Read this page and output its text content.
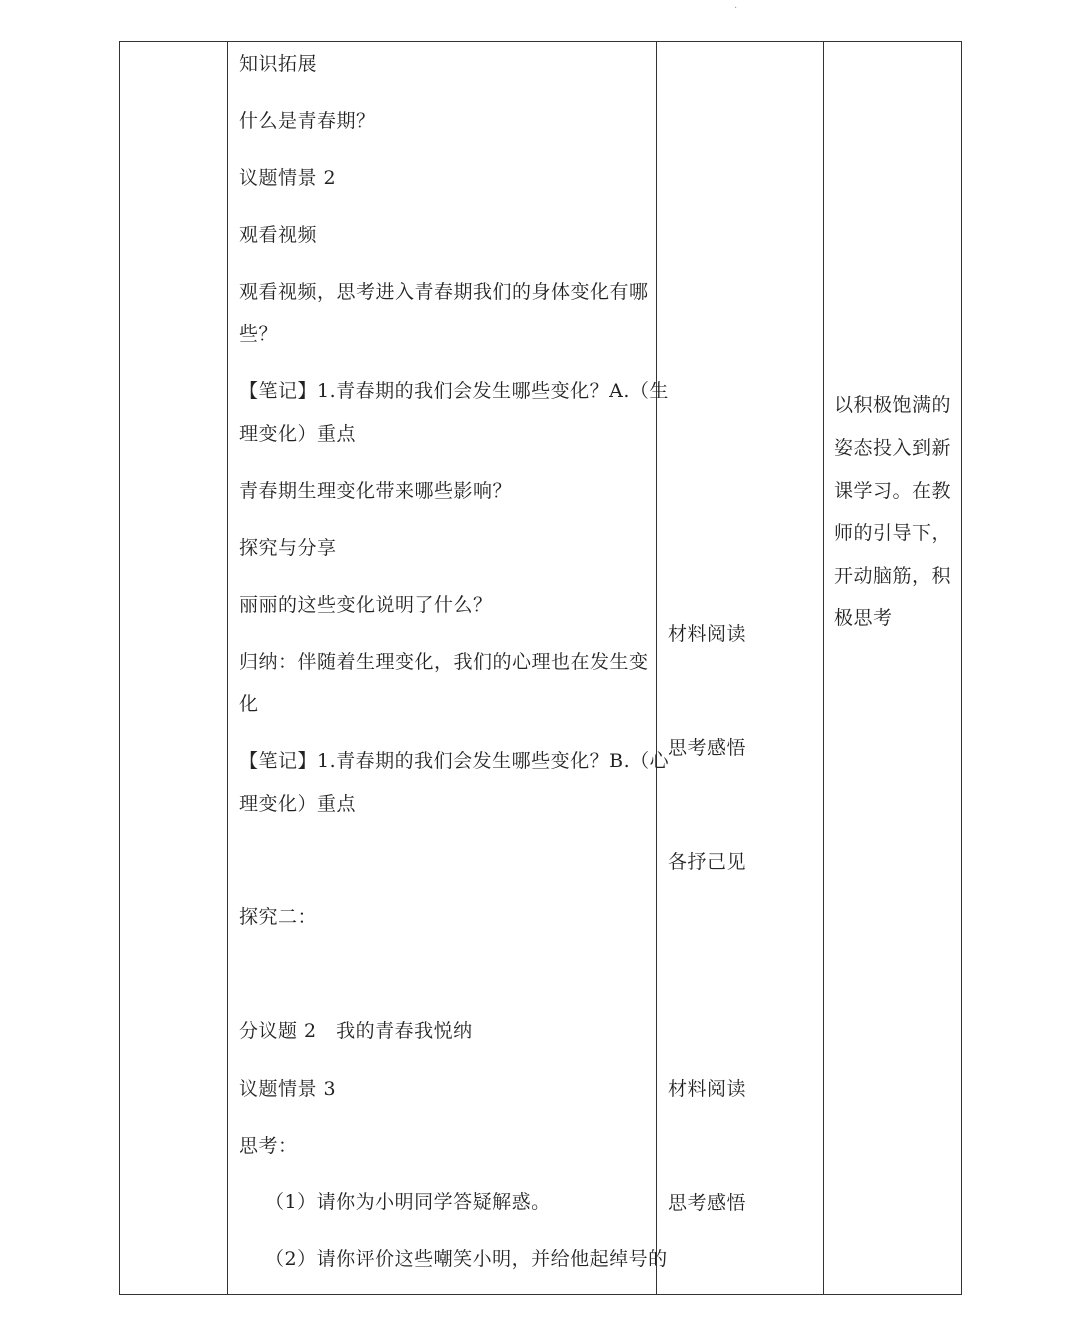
.
知识拓展
什么是青春期？
议题情景 2
观看视频
观看视频，思考进入青春期我们的身体变化有哪
些？
【笔记】1.青春期的我们会发生哪些变化？A.（生
理变化）重点
青春期生理变化带来哪些影响？
探究与分享
丽丽的这些变化说明了什么？
归纳：伴随着生理变化，我们的心理也在发生变
化
【笔记】1.青春期的我们会发生哪些变化？B.（心
理变化）重点
探究二：
分议题 2　我的青春我悦纳
议题情景 3
思考：
（1）请你为小明同学答疑解惑。
（2）请你评价这些嘲笑小明，并给他起绰号的
材料阅读
思考感悟
各抒己见
材料阅读
思考感悟
以积极饱满的
姿态投入到新
课学习。在教
师的引导下，
开动脑筋，积
极思考
